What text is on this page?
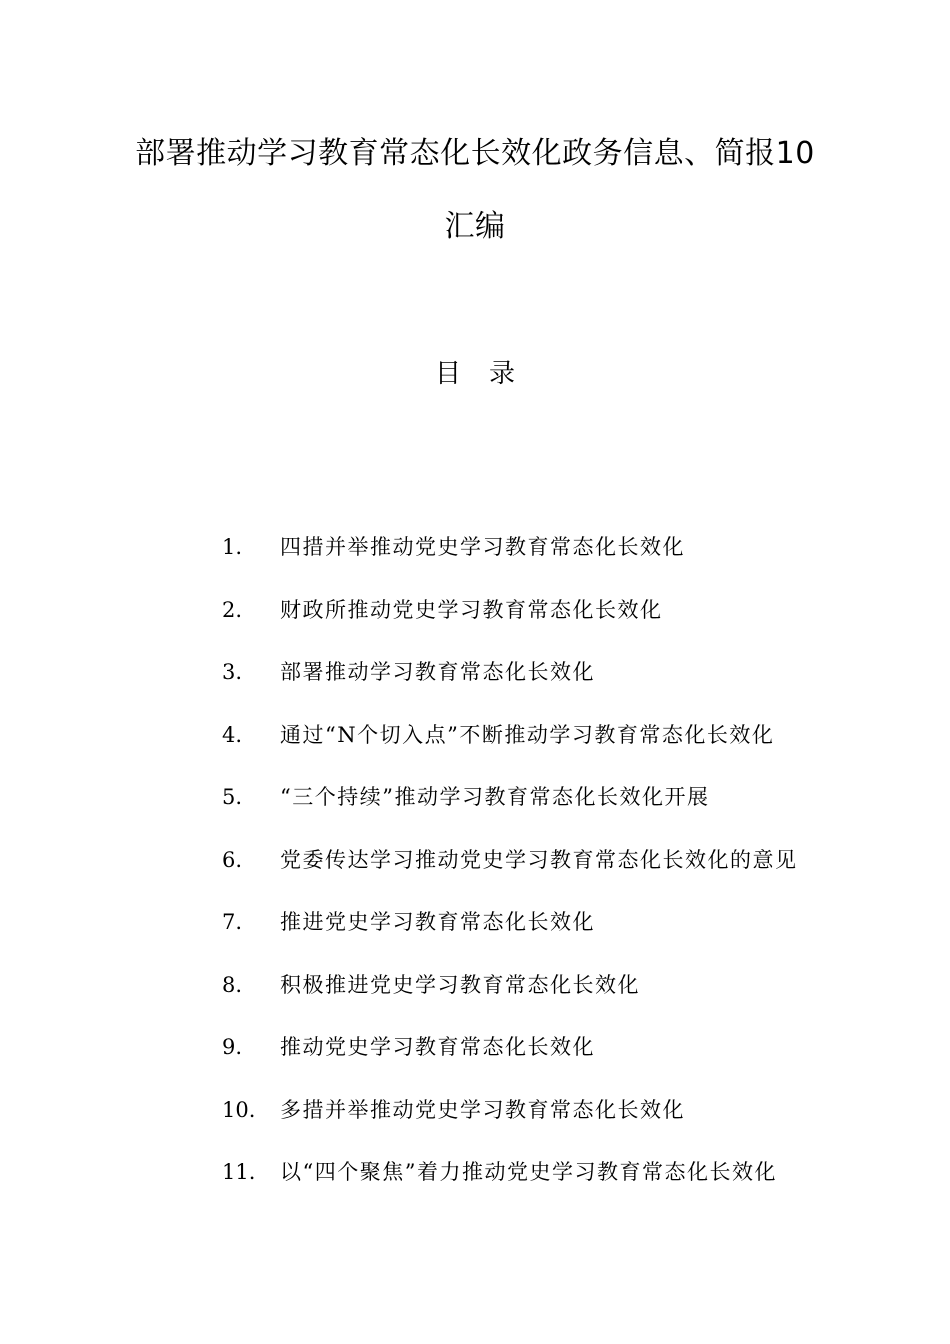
部署推动学习教育常态化长效化政务信息、简报10
汇编
目录
1.	四措并举推动党史学习教育常态化长效化
2.	财政所推动党史学习教育常态化长效化
3.	部署推动学习教育常态化长效化
4.	通过“N个切入点”不断推动学习教育常态化长效化
5.	“三个持续”推动学习教育常态化长效化开展
6.	党委传达学习推动党史学习教育常态化长效化的意见
7.	推进党史学习教育常态化长效化
8.	积极推进党史学习教育常态化长效化
9.	推动党史学习教育常态化长效化
10.	多措并举推动党史学习教育常态化长效化
11.	以“四个聚焦”着力推动党史学习教育常态化长效化
